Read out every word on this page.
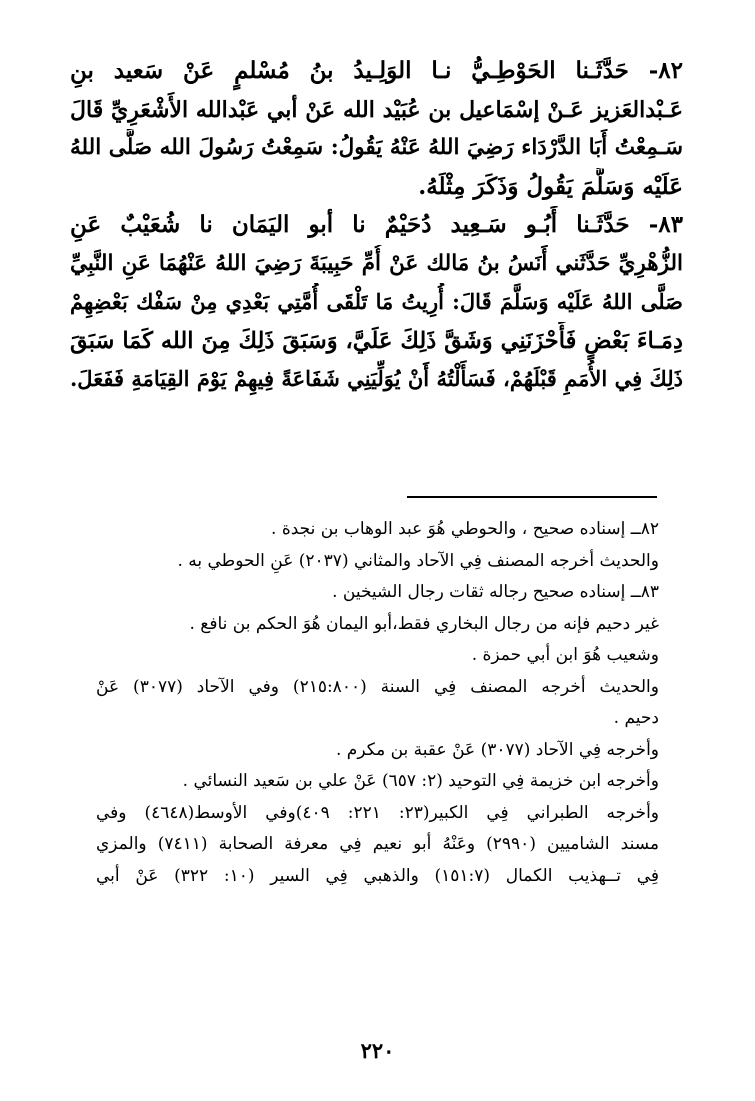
٨٢- حَدَّثَـنا الحَوْطِـيُّ نـا الوَلِـيدُ بنُ مُسْلمٍ عَنْ سَعيد بنِ
عَـبْدالعَزيز عَـنْ إسْمَاعيل بن عُبَيْد الله عَنْ أبي عَبْدالله الأَشْعَرِيِّ قَالَ
سَـمِعْتُ أَبَا الدَّرْدَاء رَضِيَ اللهُ عَنْهُ يَقُولُ: سَمِعْتُ رَسُولَ الله صَلَّى اللهُ
عَلَيْه وَسَلَّمَ يَقُولُ وَذَكَرَ مِثْلَهُ.
٨٣- حَدَّثَـنا أَبُـو سَـعِيد دُحَيْمٌ نا أبو اليَمَان نا شُعَيْبٌ عَنِ
الزُّهْرِيِّ حَدَّثَني أَنَسُ بنُ مَالك عَنْ أُمِّ حَبِيبَةَ رَضِيَ اللهُ عَنْهُمَا عَنِ النَّبِيِّ
صَلَّى اللهُ عَلَيْه وَسَلَّمَ قَالَ: أُرِيتُ مَا تَلْقَى أُمَّتِي بَعْدِي مِنْ سَفْك بَعْضِهِمْ
دِمَـاءَ بَعْضٍ فَأَحْزَنَنِي وَشَقَّ ذَلِكَ عَلَيَّ، وَسَبَقَ ذَلِكَ مِنَ الله كَمَا سَبَقَ
ذَلِكَ فِي الأُمَمِ قَبْلَهُمْ، فَسَأَلْتُهُ أَنْ يُوَلِّيَنِي شَفَاعَةً فِيهِمْ يَوْمَ القِيَامَةِ فَفَعَلَ.
٨٢ــ إسناده صحيح ، والحوطي هُوَ عبد الوهاب بن نجدة .
والحديث أخرجه المصنف فِي الآحاد والمثاني (٢٠٣٧) عَنِ الحوطي به .
٨٣ــ إسناده صحيح رجاله ثقات رجال الشيخين .
غير دحيم فإنه من رجال البخاري فقط،أبو اليمان هُوَ الحكم بن نافع .
وشعيب هُوَ ابن أبي حمزة .
والحديث أخرجه المصنف فِي السنة (٢١٥:٨٠٠) وفي الآحاد (٣٠٧٧) عَنْ
دحيم .
وأخرجه فِي الآحاد (٣٠٧٧) عَنْ عقبة بن مكرم .
وأخرجه ابن خزيمة فِي التوحيد (٢: ٦٥٧) عَنْ علي بن سَعيد النسائي .
وأخرجه الطبراني فِي الكبير(٢٣: ٢٢١: ٤٠٩)وفي الأوسط(٤٦٤٨) وفي
مسند الشاميين (٢٩٩٠) وعَنْهُ أبو نعيم فِي معرفة الصحابة (٧٤١١) والمزي
فِي تــهذيب الكمال (١٥١:٧) والذهبي فِي السير (١٠: ٣٢٢) عَنْ أبي
٢٢٠
